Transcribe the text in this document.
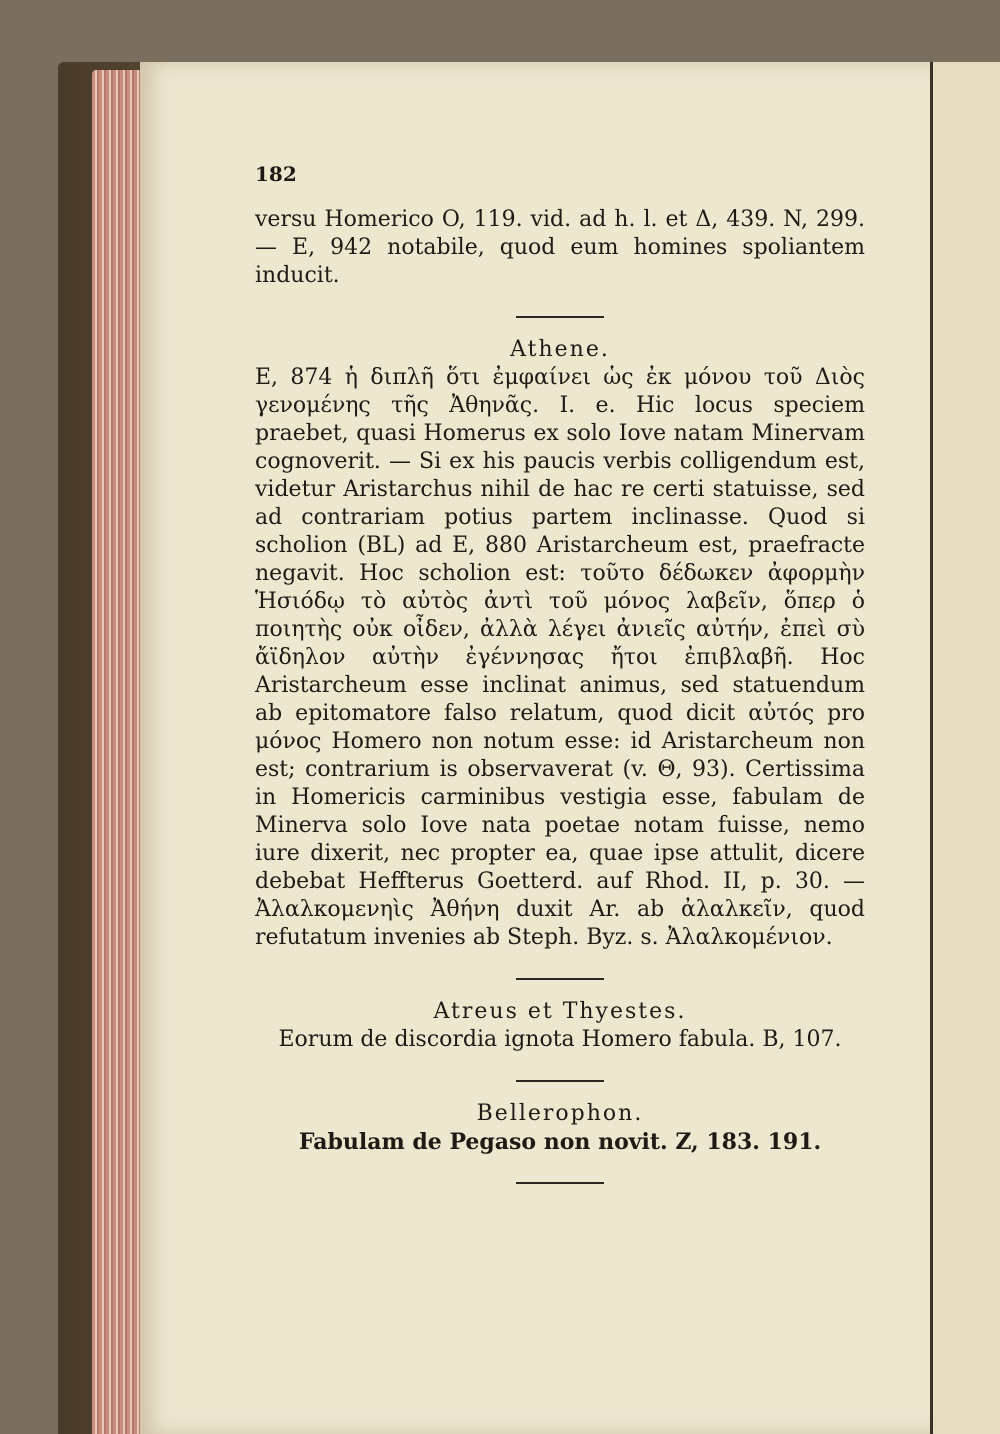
182

versu Homerico O, 119. vid. ad h. l. et Δ, 439. N, 299. — E, 942 notabile, quod eum homines spoliantem inducit.

Athene.

E, 874 ἡ διπλῆ ὅτι ἐμφαίνει ὡς ἐκ μόνου τοῦ Διὸς γενομένης τῆς Ἀθηνᾶς. I. e. Hic locus speciem praebet, quasi Homerus ex solo Iove natam Minervam cognoverit. — Si ex his paucis verbis colligendum est, videtur Aristarchus nihil de hac re certi statuisse, sed ad contrariam potius partem inclinasse. Quod si scholion (BL) ad E, 880 Aristarcheum est, praefracte negavit. Hoc scholion est: τοῦτο δέδωκεν ἀφορμὴν Ἡσιόδῳ τὸ αὐτὸς ἀντὶ τοῦ μόνος λαβεῖν, ὅπερ ὁ ποιητὴς οὐκ οἶδεν, ἀλλὰ λέγει ἀνιεῖς αὐτήν, ἐπεὶ σὺ ἄϊδηλον αὐτὴν ἐγέννησας ἤτοι ἐπιβλαβῆ. Hoc Aristarcheum esse inclinat animus, sed statuendum ab epitomatore falso relatum, quod dicit αὐτός pro μόνος Homero non notum esse: id Aristarcheum non est; contrarium is observaverat (v. Θ, 93). Certissima in Homericis carminibus vestigia esse, fabulam de Minerva solo Iove nata poetae notam fuisse, nemo iure dixerit, nec propter ea, quae ipse attulit, dicere debebat Heffterus Goetterd. auf Rhod. II, p. 30. — Ἀλαλκομενηὶς Ἀθήνη duxit Ar. ab ἀλαλκεῖν, quod refutatum invenies ab Steph. Byz. s. Ἀλαλκομένιον.

Atreus et Thyestes.

Eorum de discordia ignota Homero fabula. B, 107.

Bellerophon.

Fabulam de Pegaso non novit. Z, 183. 191.
